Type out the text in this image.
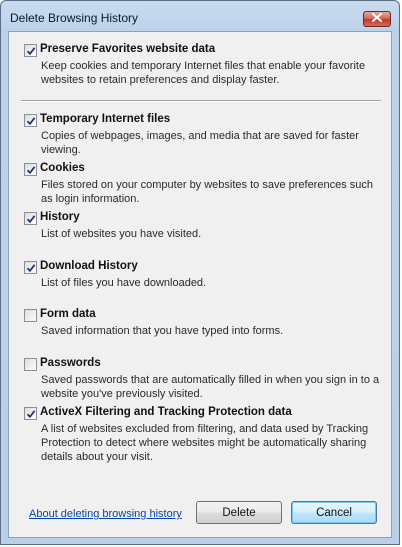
Delete Browsing History
Preserve Favorites website data
Keep cookies and temporary Internet files that enable your favorite websites to retain preferences and display faster.
Temporary Internet files
Copies of webpages, images, and media that are saved for faster viewing.
Cookies
Files stored on your computer by websites to save preferences such as login information.
History
List of websites you have visited.
Download History
List of files you have downloaded.
Form data
Saved information that you have typed into forms.
Passwords
Saved passwords that are automatically filled in when you sign in to a website you've previously visited.
ActiveX Filtering and Tracking Protection data
A list of websites excluded from filtering, and data used by Tracking Protection to detect where websites might be automatically sharing details about your visit.
About deleting browsing history	Delete	Cancel
